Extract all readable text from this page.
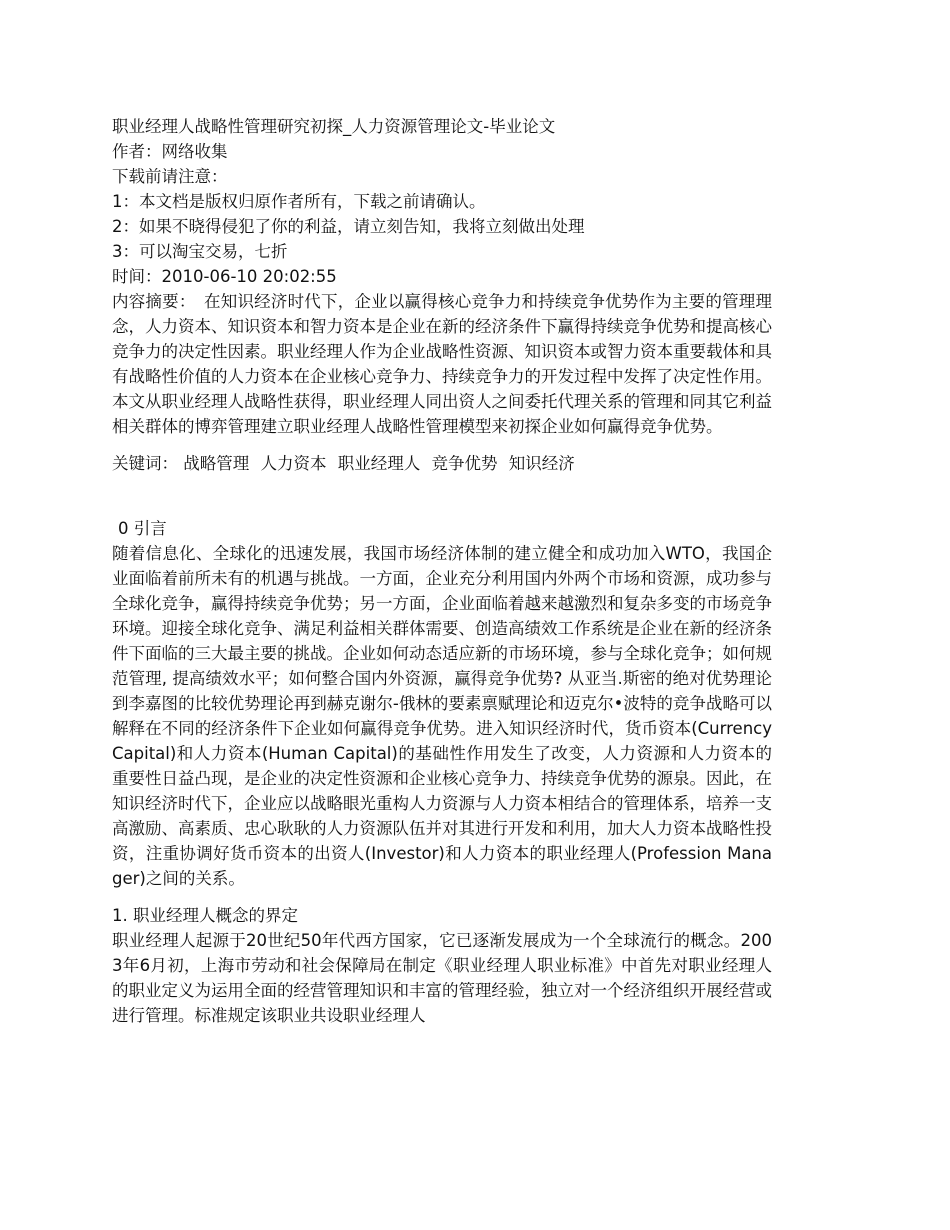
职业经理人战略性管理研究初探_人力资源管理论文-毕业论文
作者：网络收集
下载前请注意：
1：本文档是版权归原作者所有，下载之前请确认。
2：如果不晓得侵犯了你的利益，请立刻告知，我将立刻做出处理
3：可以淘宝交易，七折
时间：2010-06-10 20:02:55
内容摘要：　在知识经济时代下，企业以赢得核心竞争力和持续竞争优势作为主要的管理理念，人力资本、知识资本和智力资本是企业在新的经济条件下赢得持续竞争优势和提高核心竞争力的决定性因素。职业经理人作为企业战略性资源、知识资本或智力资本重要载体和具有战略性价值的人力资本在企业核心竞争力、持续竞争力的开发过程中发挥了决定性作用。本文从职业经理人战略性获得，职业经理人同出资人之间委托代理关系的管理和同其它利益相关群体的博弈管理建立职业经理人战略性管理模型来初探企业如何赢得竞争优势。
关键词： 战略管理 人力资本 职业经理人 竞争优势 知识经济
0 引言
随着信息化、全球化的迅速发展，我国市场经济体制的建立健全和成功加入WTO，我国企业面临着前所未有的机遇与挑战。一方面，企业充分利用国内外两个市场和资源，成功参与全球化竞争，赢得持续竞争优势；另一方面，企业面临着越来越激烈和复杂多变的市场竞争环境。迎接全球化竞争、满足利益相关群体需要、创造高绩效工作系统是企业在新的经济条件下面临的三大最主要的挑战。企业如何动态适应新的市场环境，参与全球化竞争；如何规范管理, 提高绩效水平；如何整合国内外资源，赢得竞争优势? 从亚当.斯密的绝对优势理论到李嘉图的比较优势理论再到赫克谢尔-俄林的要素禀赋理论和迈克尔•波特的竞争战略可以解释在不同的经济条件下企业如何赢得竞争优势。进入知识经济时代，货币资本(Currency Capital)和人力资本(Human Capital)的基础性作用发生了改变，人力资源和人力资本的重要性日益凸现，是企业的决定性资源和企业核心竞争力、持续竞争优势的源泉。因此，在知识经济时代下，企业应以战略眼光重构人力资源与人力资本相结合的管理体系，培养一支高激励、高素质、忠心耿耿的人力资源队伍并对其进行开发和利用，加大人力资本战略性投资，注重协调好货币资本的出资人(Investor)和人力资本的职业经理人(Profession Manager)之间的关系。
1. 职业经理人概念的界定
职业经理人起源于20世纪50年代西方国家，它已逐渐发展成为一个全球流行的概念。2003年6月初，上海市劳动和社会保障局在制定《职业经理人职业标准》中首先对职业经理人的职业定义为运用全面的经营管理知识和丰富的管理经验，独立对一个经济组织开展经营或进行管理。标准规定该职业共设职业经理人
